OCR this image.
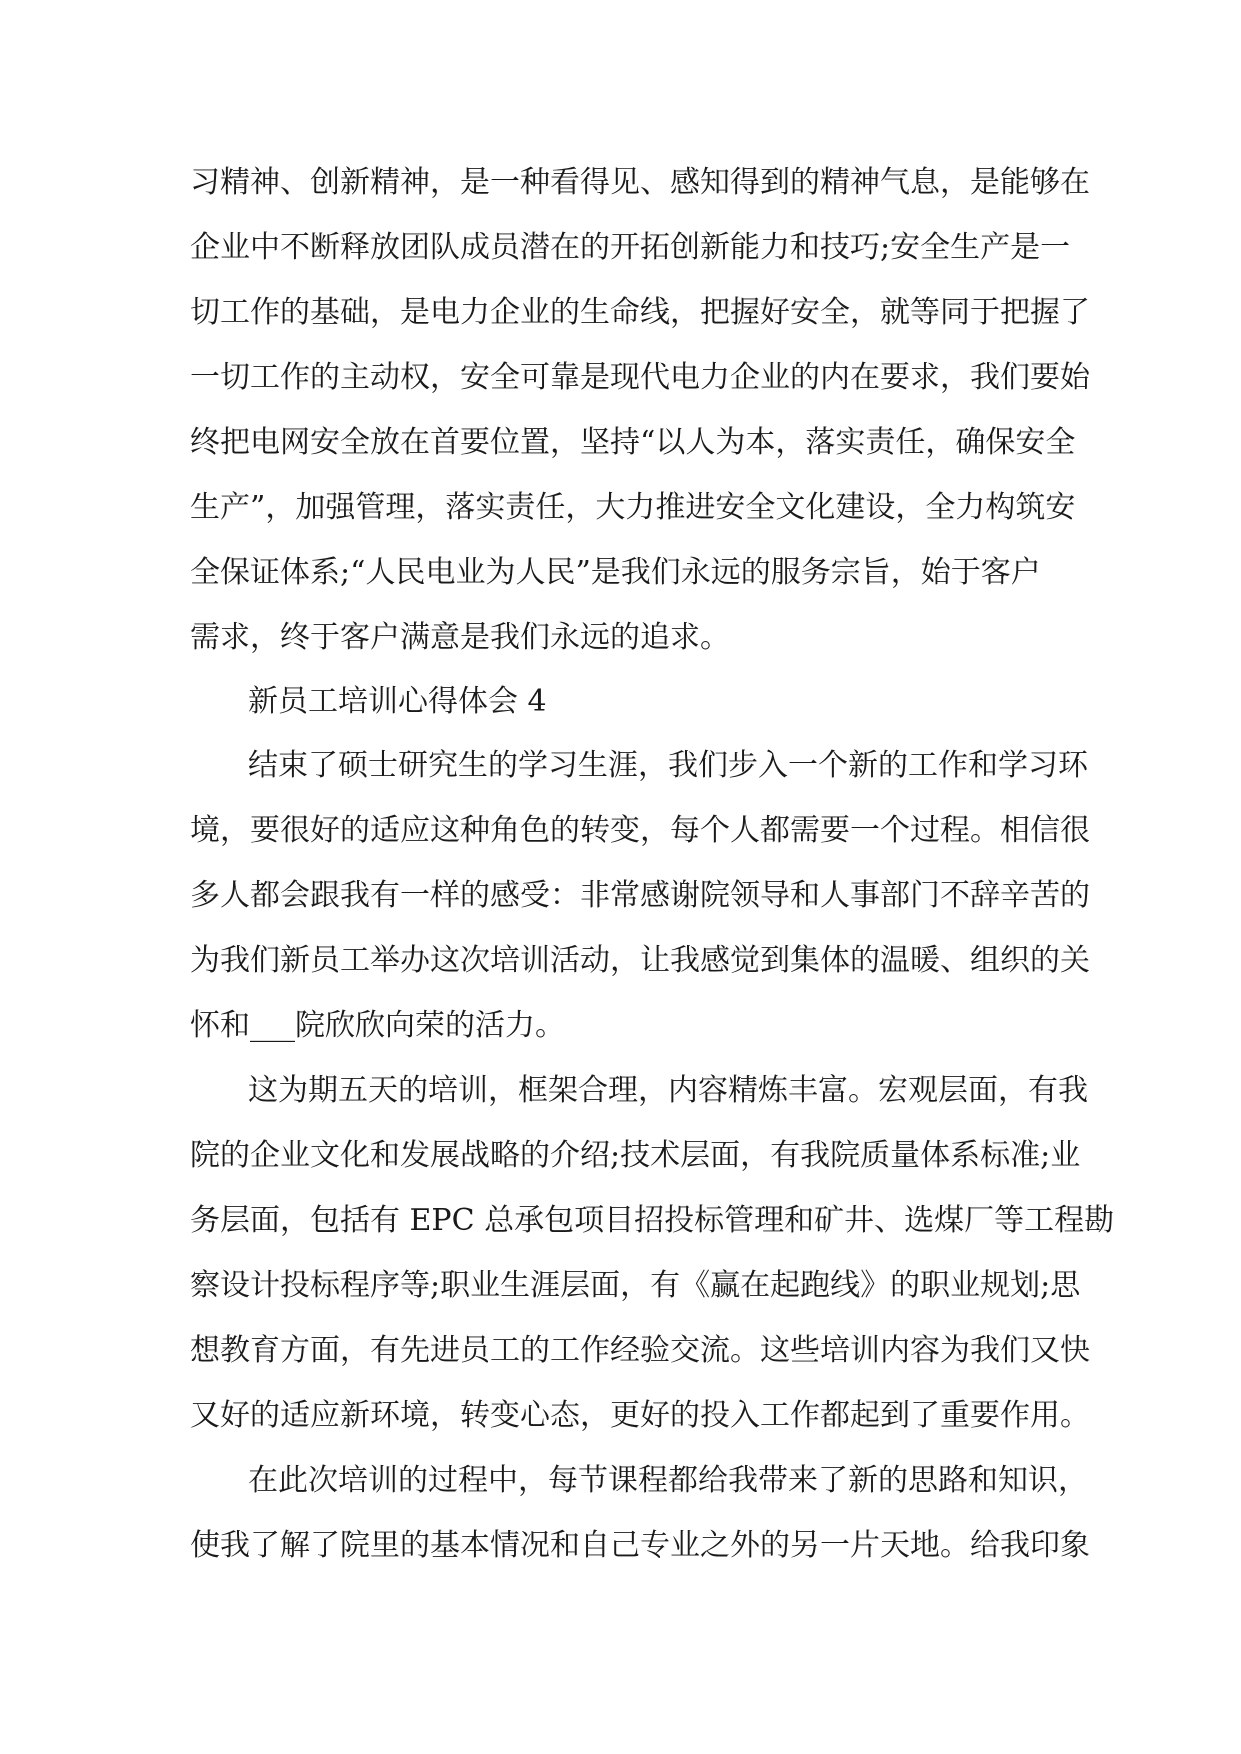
习精神、创新精神，是一种看得见、感知得到的精神气息，是能够在
企业中不断释放团队成员潜在的开拓创新能力和技巧;安全生产是一
切工作的基础，是电力企业的生命线，把握好安全，就等同于把握了
一切工作的主动权，安全可靠是现代电力企业的内在要求，我们要始
终把电网安全放在首要位置，坚持“以人为本，落实责任，确保安全
生产”，加强管理，落实责任，大力推进安全文化建设，全力构筑安
全保证体系;“人民电业为人民”是我们永远的服务宗旨，始于客户
需求，终于客户满意是我们永远的追求。
新员工培训心得体会 4
结束了硕士研究生的学习生涯，我们步入一个新的工作和学习环
境，要很好的适应这种角色的转变，每个人都需要一个过程。相信很
多人都会跟我有一样的感受：非常感谢院领导和人事部门不辞辛苦的
为我们新员工举办这次培训活动，让我感觉到集体的温暖、组织的关
怀和___院欣欣向荣的活力。
这为期五天的培训，框架合理，内容精炼丰富。宏观层面，有我
院的企业文化和发展战略的介绍;技术层面，有我院质量体系标准;业
务层面，包括有 EPC 总承包项目招投标管理和矿井、选煤厂等工程勘
察设计投标程序等;职业生涯层面，有《赢在起跑线》的职业规划;思
想教育方面，有先进员工的工作经验交流。这些培训内容为我们又快
又好的适应新环境，转变心态，更好的投入工作都起到了重要作用。
在此次培训的过程中，每节课程都给我带来了新的思路和知识，
使我了解了院里的基本情况和自己专业之外的另一片天地。给我印象
